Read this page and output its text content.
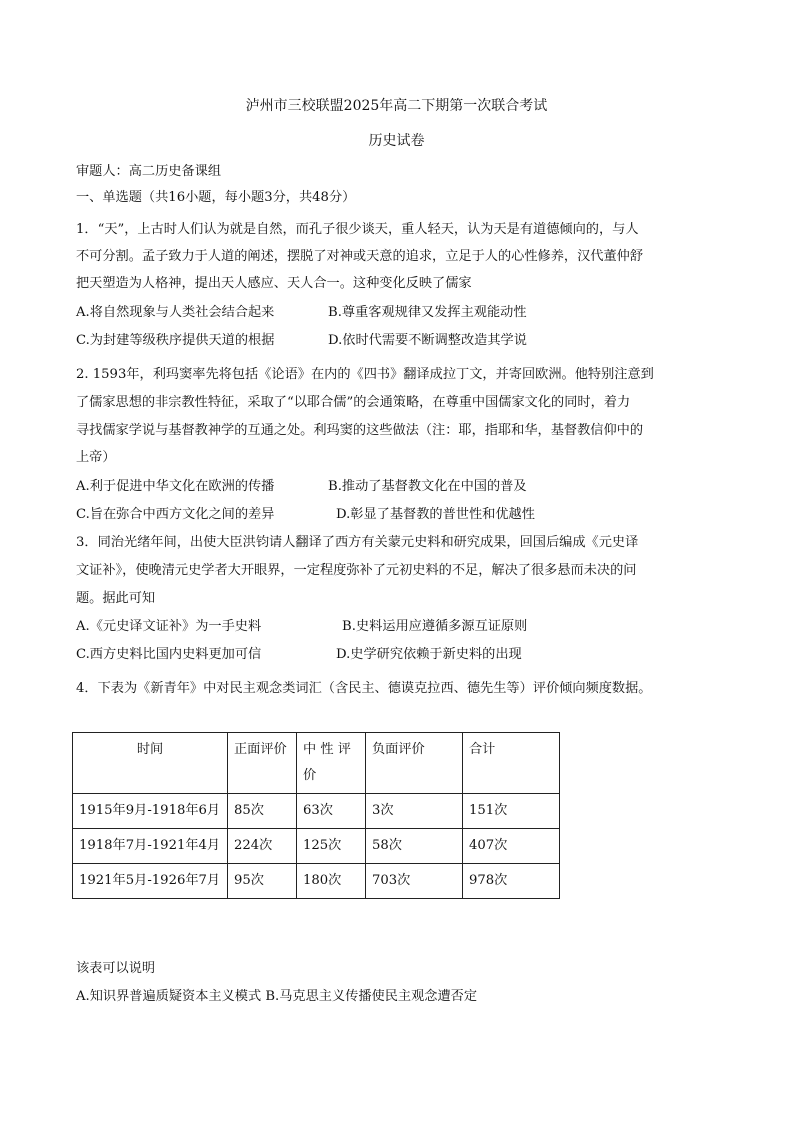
泸州市三校联盟2025年高二下期第一次联合考试
历史试卷
审题人：高二历史备课组
一、单选题（共16小题，每小题3分，共48分）
1．“天”，上古时人们认为就是自然，而孔子很少谈天，重人轻天，认为天是有道德倾向的，与人
不可分割。孟子致力于人道的阐述，摆脱了对神或天意的追求，立足于人的心性修养，汉代董仲舒
把天塑造为人格神，提出天人感应、天人合一。这种变化反映了儒家
A.将自然现象与人类社会结合起来	B.尊重客观规律又发挥主观能动性
C.为封建等级秩序提供天道的根据	D.依时代需要不断调整改造其学说
2. 1593年，利玛窦率先将包括《论语》在内的《四书》翻译成拉丁文，并寄回欧洲。他特别注意到
了儒家思想的非宗教性特征，采取了“以耶合儒”的会通策略，在尊重中国儒家文化的同时，着力
寻找儒家学说与基督教神学的互通之处。利玛窦的这些做法（注：耶，指耶和华，基督教信仰中的
上帝）
A.利于促进中华文化在欧洲的传播	B.推动了基督教文化在中国的普及
C.旨在弥合中西方文化之间的差异	D.彰显了基督教的普世性和优越性
3．同治光绪年间，出使大臣洪钧请人翻译了西方有关蒙元史料和研究成果，回国后编成《元史译
文证补》，使晚清元史学者大开眼界，一定程度弥补了元初史料的不足，解决了很多悬而未决的问
题。据此可知
A.《元史译文证补》为一手史料	B.史料运用应遵循多源互证原则
C.西方史料比国内史料更加可信	D.史学研究依赖于新史料的出现
4．下表为《新青年》中对民主观念类词汇（含民主、德谟克拉西、德先生等）评价倾向频度数据。
时间	正面评价	中 性 评价	负面评价	合计
1915年9月-1918年6月	85次	63次	3次	151次
1918年7月-1921年4月	224次	125次	58次	407次
1921年5月-1926年7月	95次	180次	703次	978次
该表可以说明
A.知识界普遍质疑资本主义模式 B.马克思主义传播使民主观念遭否定
